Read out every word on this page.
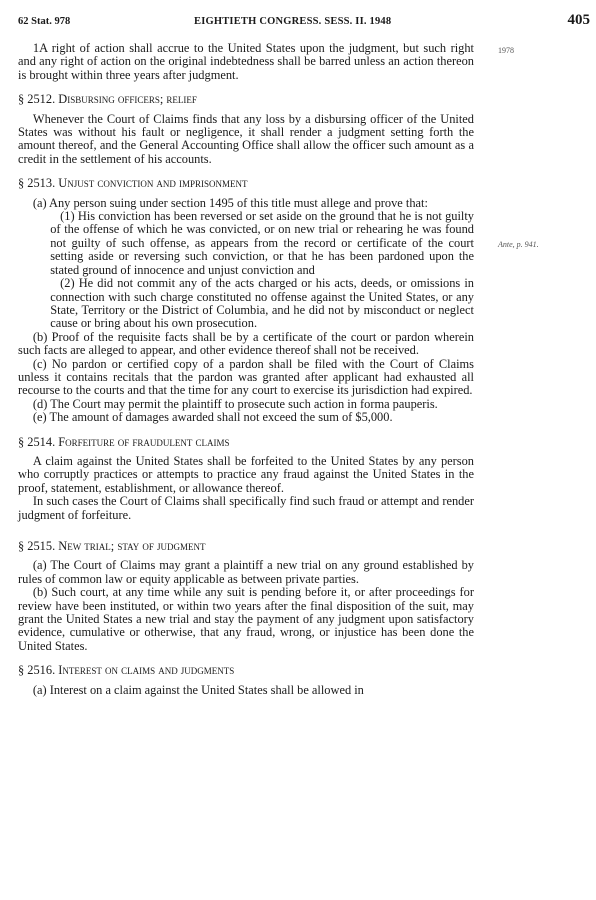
62 Stat. 978	EIGHTIETH CONGRESS. SESS. II. 1948	405
1978
Ante, p. 941.

1A right of action shall accrue to the United States upon the judgment, but such right and any right of action on the original indebtedness shall be barred unless an action thereon is brought within three years after judgment.

§ 2512. Disbursing officers; relief

Whenever the Court of Claims finds that any loss by a disbursing officer of the United States was without his fault or negligence, it shall render a judgment setting forth the amount thereof, and the General Accounting Office shall allow the officer such amount as a credit in the settlement of his accounts.

§ 2513. Unjust conviction and imprisonment

(a) Any person suing under section 1495 of this title must allege and prove that:

(1) His conviction has been reversed or set aside on the ground that he is not guilty of the offense of which he was convicted, or on new trial or rehearing he was found not guilty of such offense, as appears from the record or certificate of the court setting aside or reversing such conviction, or that he has been pardoned upon the stated ground of innocence and unjust conviction and

(2) He did not commit any of the acts charged or his acts, deeds, or omissions in connection with such charge constituted no offense against the United States, or any State, Territory or the District of Columbia, and he did not by misconduct or neglect cause or bring about his own prosecution.

(b) Proof of the requisite facts shall be by a certificate of the court or pardon wherein such facts are alleged to appear, and other evidence thereof shall not be received.

(c) No pardon or certified copy of a pardon shall be filed with the Court of Claims unless it contains recitals that the pardon was granted after applicant had exhausted all recourse to the courts and that the time for any court to exercise its jurisdiction had expired.

(d) The Court may permit the plaintiff to prosecute such action in forma pauperis.

(e) The amount of damages awarded shall not exceed the sum of $5,000.

§ 2514. Forfeiture of fraudulent claims

A claim against the United States shall be forfeited to the United States by any person who corruptly practices or attempts to practice any fraud against the United States in the proof, statement, establishment, or allowance thereof.

In such cases the Court of Claims shall specifically find such fraud or attempt and render judgment of forfeiture.

§ 2515. New trial; stay of judgment

(a) The Court of Claims may grant a plaintiff a new trial on any ground established by rules of common law or equity applicable as between private parties.

(b) Such court, at any time while any suit is pending before it, or after proceedings for review have been instituted, or within two years after the final disposition of the suit, may grant the United States a new trial and stay the payment of any judgment upon satisfactory evidence, cumulative or otherwise, that any fraud, wrong, or injustice has been done the United States.

§ 2516. Interest on claims and judgments

(a) Interest on a claim against the United States shall be allowed in
